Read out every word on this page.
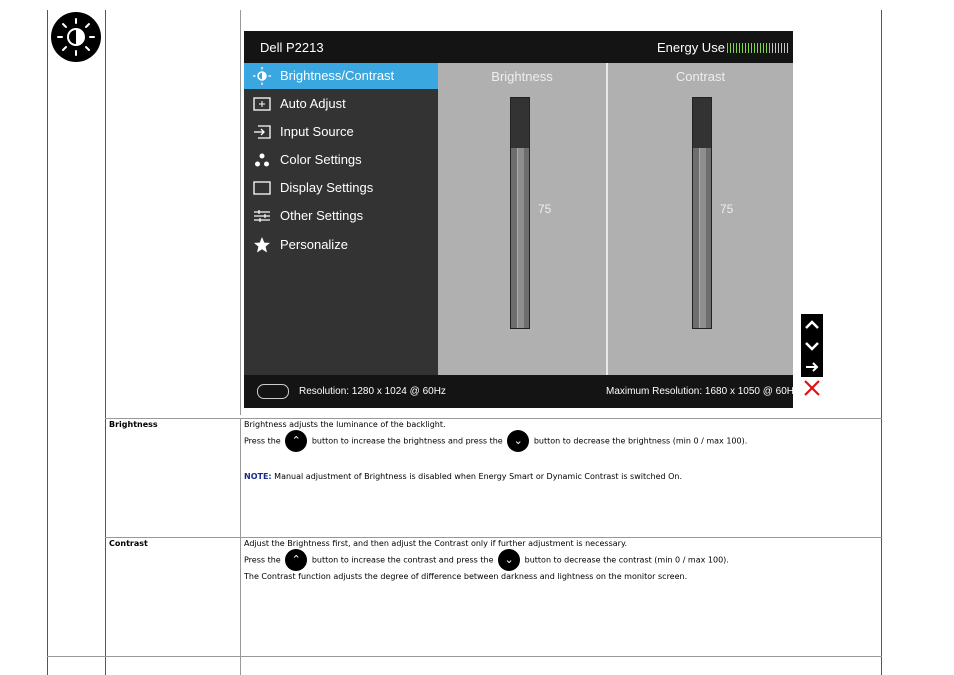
Dell P2213	Energy Use
Brightness/Contrast
Auto Adjust
Input Source
Color Settings
Display Settings
Other Settings
Personalize
Brightness
75
Contrast
75
Resolution: 1280 x 1024 @ 60Hz	Maximum Resolution: 1680 x 1050 @ 60Hz
Brightness	Brightness adjusts the luminance of the backlight.
Press the ⌃ button to increase the brightness and press the ⌄ button to decrease the brightness (min 0 / max 100).
NOTE: Manual adjustment of Brightness is disabled when Energy Smart or Dynamic Contrast is switched On.
Contrast	Adjust the Brightness first, and then adjust the Contrast only if further adjustment is necessary.
Press the ⌃ button to increase the contrast and press the ⌄ button to decrease the contrast (min 0 / max 100).
The Contrast function adjusts the degree of difference between darkness and lightness on the monitor screen.
